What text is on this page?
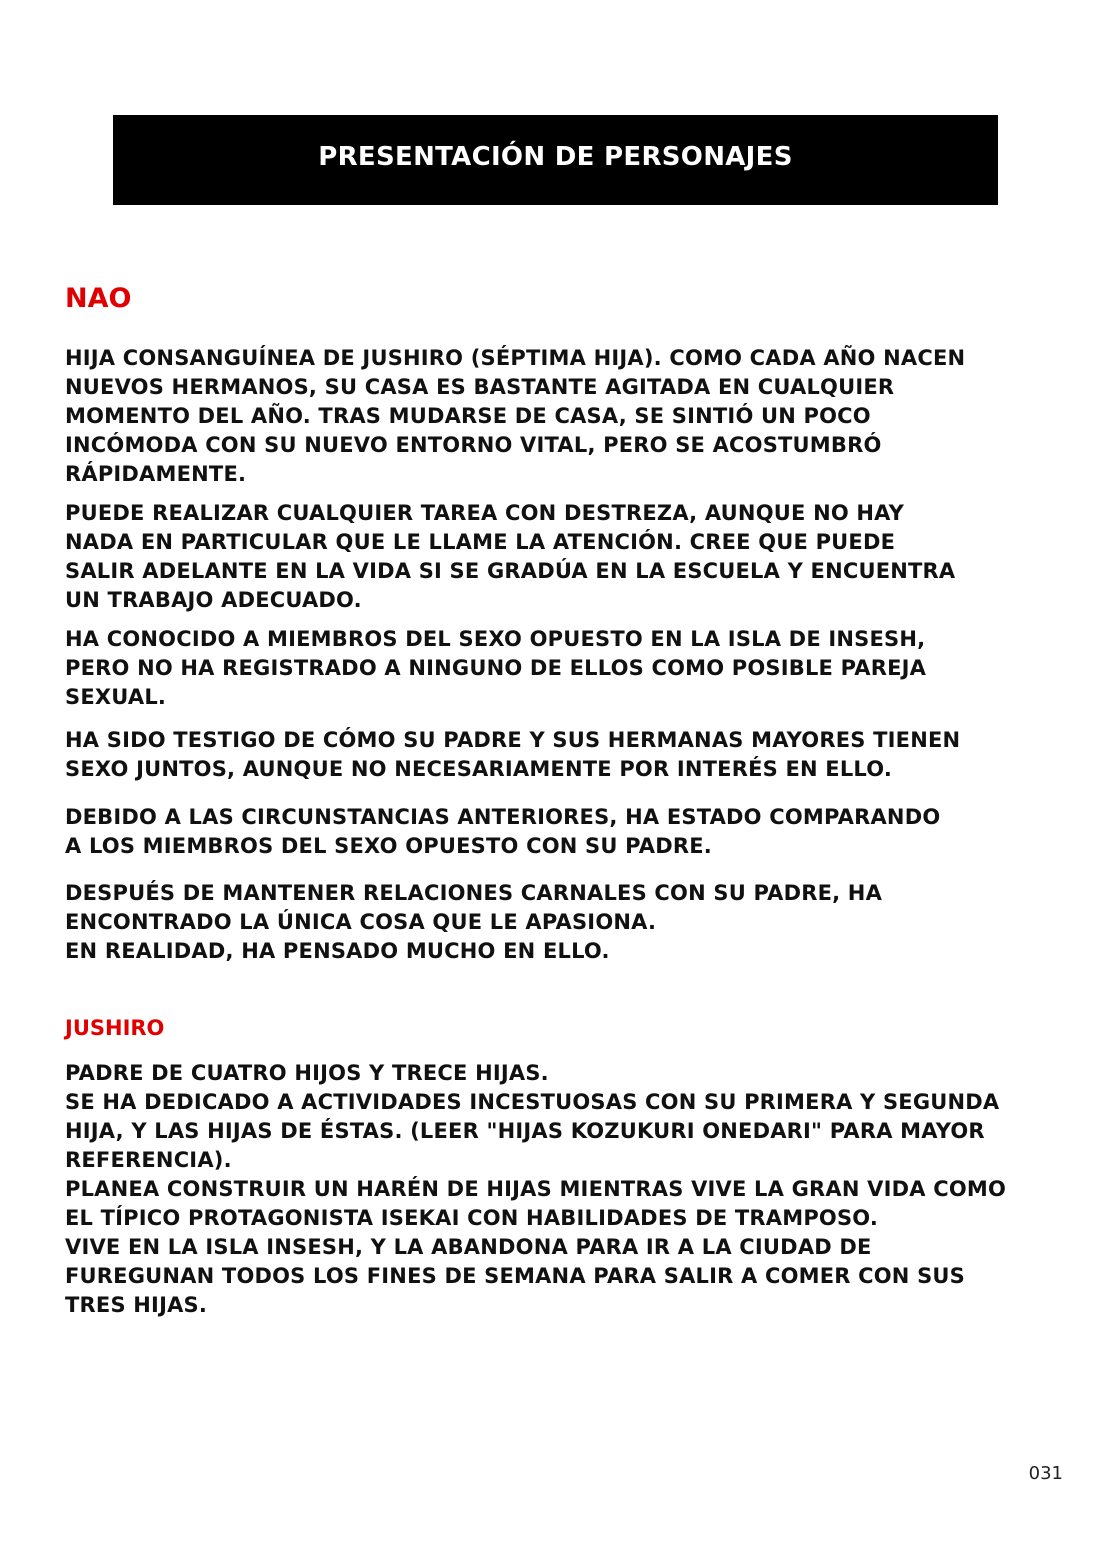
PRESENTACIÓN DE PERSONAJES
NAO

HIJA CONSANGUÍNEA DE JUSHIRO (SÉPTIMA HIJA). COMO CADA AÑO NACEN
NUEVOS HERMANOS, SU CASA ES BASTANTE AGITADA EN CUALQUIER
MOMENTO DEL AÑO. TRAS MUDARSE DE CASA, SE SINTIÓ UN POCO
INCÓMODA CON SU NUEVO ENTORNO VITAL, PERO SE ACOSTUMBRÓ
RÁPIDAMENTE.

PUEDE REALIZAR CUALQUIER TAREA CON DESTREZA, AUNQUE NO HAY
NADA EN PARTICULAR QUE LE LLAME LA ATENCIÓN. CREE QUE PUEDE
SALIR ADELANTE EN LA VIDA SI SE GRADÚA EN LA ESCUELA Y ENCUENTRA
UN TRABAJO ADECUADO.

HA CONOCIDO A MIEMBROS DEL SEXO OPUESTO EN LA ISLA DE INSESH,
PERO NO HA REGISTRADO A NINGUNO DE ELLOS COMO POSIBLE PAREJA
SEXUAL.

HA SIDO TESTIGO DE CÓMO SU PADRE Y SUS HERMANAS MAYORES TIENEN
SEXO JUNTOS, AUNQUE NO NECESARIAMENTE POR INTERÉS EN ELLO.

DEBIDO A LAS CIRCUNSTANCIAS ANTERIORES, HA ESTADO COMPARANDO
A LOS MIEMBROS DEL SEXO OPUESTO CON SU PADRE.

DESPUÉS DE MANTENER RELACIONES CARNALES CON SU PADRE, HA
ENCONTRADO LA ÚNICA COSA QUE LE APASIONA.
EN REALIDAD, HA PENSADO MUCHO EN ELLO.

JUSHIRO

PADRE DE CUATRO HIJOS Y TRECE HIJAS.
SE HA DEDICADO A ACTIVIDADES INCESTUOSAS CON SU PRIMERA Y SEGUNDA
HIJA, Y LAS HIJAS DE ÉSTAS. (LEER "HIJAS KOZUKURI ONEDARI" PARA MAYOR
REFERENCIA).
PLANEA CONSTRUIR UN HARÉN DE HIJAS MIENTRAS VIVE LA GRAN VIDA COMO
EL TÍPICO PROTAGONISTA ISEKAI CON HABILIDADES DE TRAMPOSO.
VIVE EN LA ISLA INSESH, Y LA ABANDONA PARA IR A LA CIUDAD DE
FUREGUNAN TODOS LOS FINES DE SEMANA PARA SALIR A COMER CON SUS
TRES HIJAS.

031
